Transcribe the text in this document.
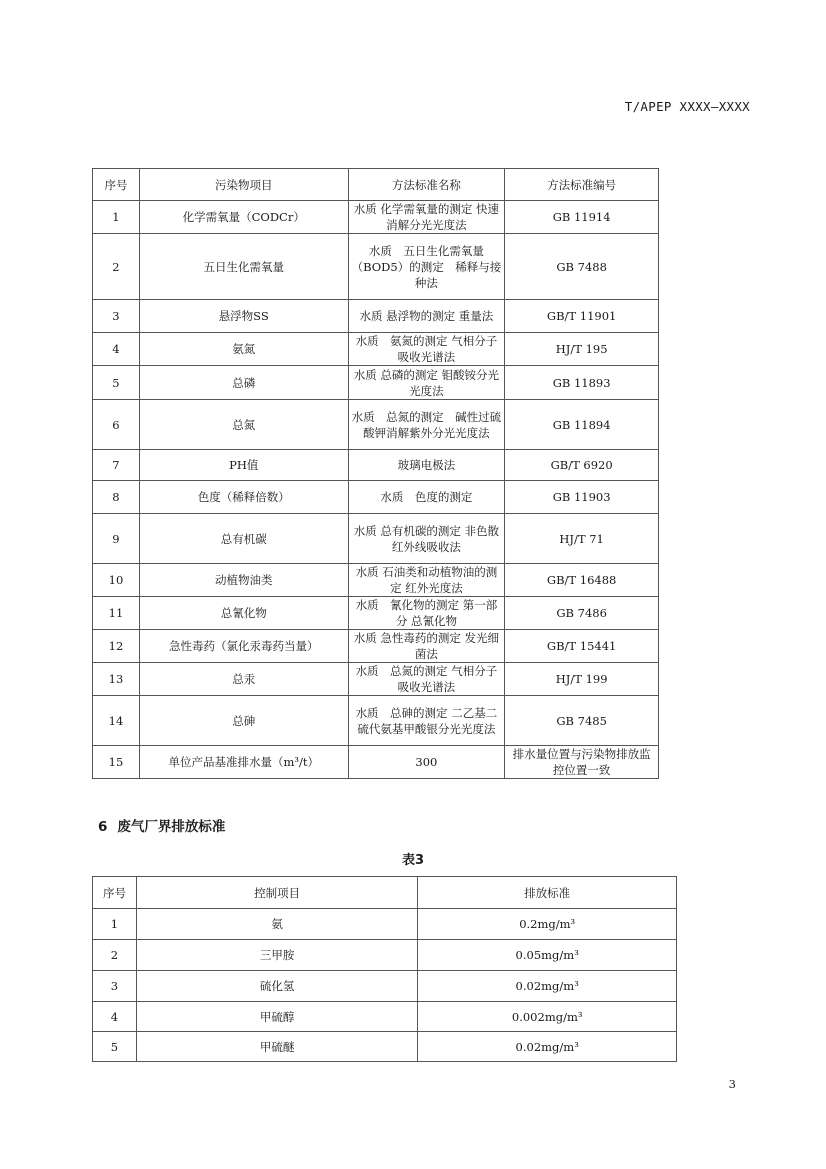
T/APEP XXXX—XXXX
序号	污染物项目	方法标准名称	方法标准编号
1	化学需氧量（CODCr）	水质 化学需氧量的测定 快速消解分光光度法	GB 11914
2	五日生化需氧量	水质　五日生化需氧量（BOD5）的测定　稀释与接种法	GB 7488
3	悬浮物SS	水质 悬浮物的测定 重量法	GB/T 11901
4	氨氮	水质　氨氮的测定 气相分子吸收光谱法	HJ/T 195
5	总磷	水质 总磷的测定 钼酸铵分光光度法	GB 11893
6	总氮	水质　总氮的测定　碱性过硫酸钾消解紫外分光光度法	GB 11894
7	PH值	玻璃电极法	GB/T 6920
8	色度（稀释倍数）	水质　色度的测定	GB 11903
9	总有机碳	水质 总有机碳的测定 非色散红外线吸收法	HJ/T 71
10	动植物油类	水质 石油类和动植物油的测定 红外光度法	GB/T 16488
11	总氰化物	水质　氰化物的测定 第一部分 总氰化物	GB 7486
12	急性毒药（氯化汞毒药当量）	水质 急性毒药的测定 发光细菌法	GB/T 15441
13	总汞	水质　总氮的测定 气相分子吸收光谱法	HJ/T 199
14	总砷	水质　总砷的测定 二乙基二硫代氨基甲酸银分光光度法	GB 7485
15	单位产品基准排水量（m³/t）	300	排水量位置与污染物排放监控位置一致
6 废气厂界排放标准
表3
序号	控制项目	排放标准
1	氨	0.2mg/m³
2	三甲胺	0.05mg/m³
3	硫化氢	0.02mg/m³
4	甲硫醇	0.002mg/m³
5	甲硫醚	0.02mg/m³
3
